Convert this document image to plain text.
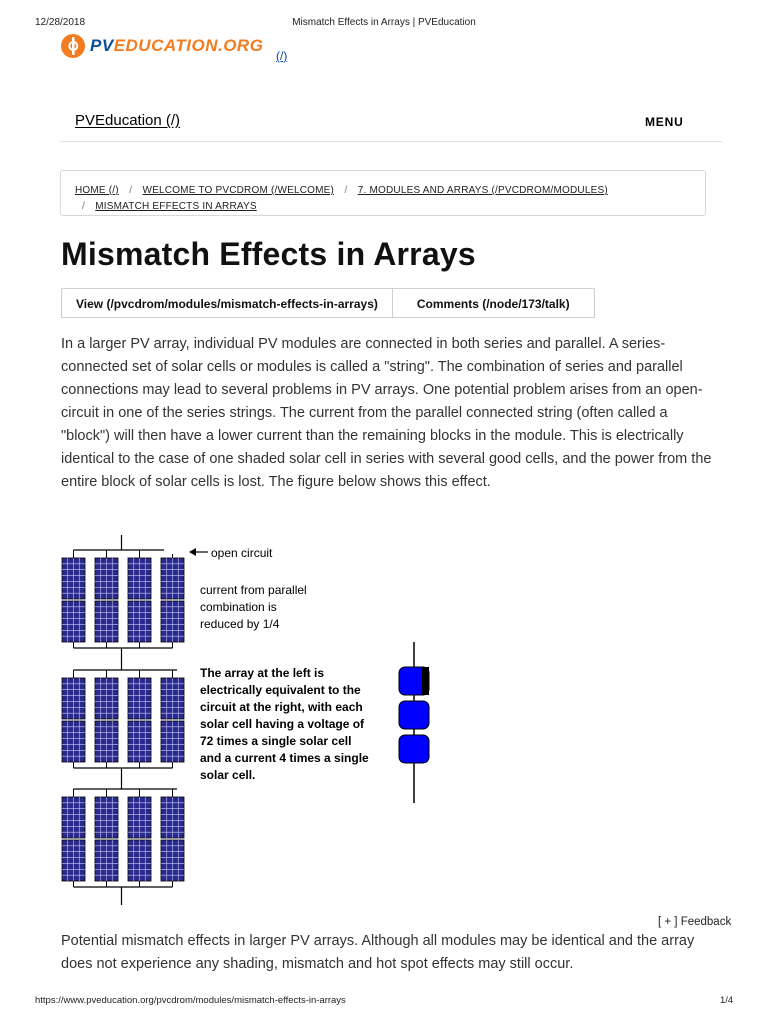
12/28/2018	Mismatch Effects in Arrays | PVEducation
PVEDUCATION.ORG
(/)
PVEducation (/)	MENU
HOME (/) / WELCOME TO PVCDROM (/WELCOME) / 7. MODULES AND ARRAYS (/PVCDROM/MODULES)
/ MISMATCH EFFECTS IN ARRAYS
Mismatch Effects in Arrays
View (/pvcdrom/modules/mismatch-effects-in-arrays)	Comments (/node/173/talk)
In a larger PV array, individual PV modules are connected in both series and parallel. A series-connected set of solar cells or modules is called a "string". The combination of series and parallel connections may lead to several problems in PV arrays. One potential problem arises from an open-circuit in one of the series strings. The current from the parallel connected string (often called a "block") will then have a lower current than the remaining blocks in the module. This is electrically identical to the case of one shaded solar cell in series with several good cells, and the power from the entire block of solar cells is lost. The figure below shows this effect.
open circuit
current from parallel
combination is
reduced by 1/4
The array at the left is
electrically equivalent to the
circuit at the right, with each
solar cell having a voltage of
72 times a single solar cell
and a current 4 times a single
solar cell.
[ + ] Feedback
Potential mismatch effects in larger PV arrays. Although all modules may be identical and the array does not experience any shading, mismatch and hot spot effects may still occur.
https://www.pveducation.org/pvcdrom/modules/mismatch-effects-in-arrays	1/4
